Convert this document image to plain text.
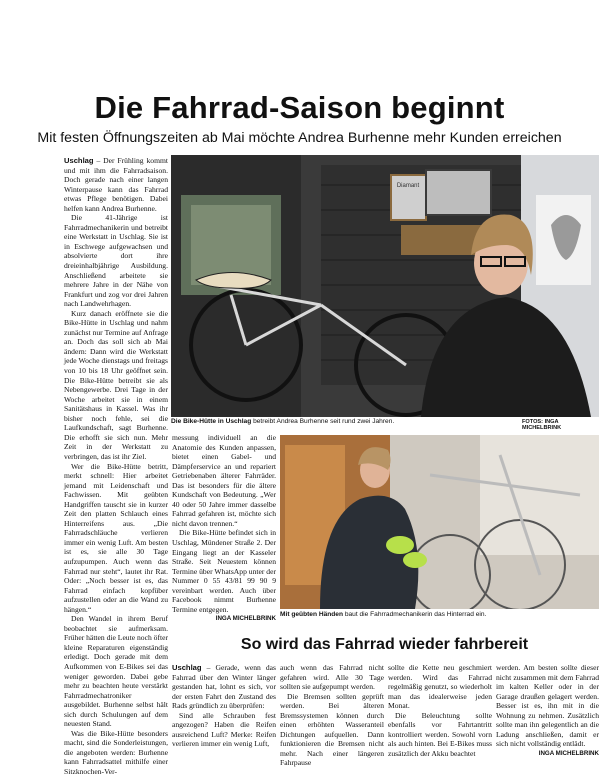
Die Fahrrad-Saison beginnt
Mit festen Öffnungszeiten ab Mai möchte Andrea Burhenne mehr Kunden erreichen

Uschlag – Der Frühling kommt und mit ihm die Fahrradsaison. Doch gerade nach einer langen Winterpause kann das Fahrrad etwas Pflege benötigen. Dabei helfen kann Andrea Burhenne.

Die 41-Jährige ist Fahrradmechanikerin und betreibt eine Werkstatt in Uschlag. Sie ist in Eschwege aufgewachsen und absolvierte dort ihre dreieinhalbjährige Ausbildung. Anschließend arbeitete sie mehrere Jahre in der Nähe von Frankfurt und zog vor drei Jahren nach Landwehrhagen.

Kurz danach eröffnete sie die Bike-Hütte in Uschlag und nahm zunächst nur Termine auf Anfrage an. Doch das soll sich ab Mai ändern: Dann wird die Werkstatt jede Woche dienstags und freitags von 10 bis 18 Uhr geöffnet sein. Die Bike-Hütte betreibt sie als Nebengewerbe. Drei Tage in der Woche arbeitet sie in einem Sanitätshaus in Kassel. Was ihr bisher noch fehle, sei die Laufkundschaft, sagt Burhenne. Die erhofft sie sich nun. Mehr Zeit in der Werkstatt zu verbringen, das ist ihr Ziel.

Wer die Bike-Hütte betritt, merkt schnell: Hier arbeitet jemand mit Leidenschaft und Fachwissen. Mit geübten Handgriffen tauscht sie in kurzer Zeit den platten Schlauch eines Hinterreifens aus. „Die Fahrradschläuche verlieren immer ein wenig Luft. Am besten ist es, sie alle 30 Tage aufzupumpen. Auch wenn das Fahrrad nur steht“, lautet ihr Rat. Oder: „Noch besser ist es, das Fahrrad einfach kopfüber aufzustellen oder an die Wand zu hängen.“

Den Wandel in ihrem Beruf beobachtet sie aufmerksam. Früher hätten die Leute noch öfter kleine Reparaturen eigenständig erledigt. Doch gerade mit dem Aufkommen von E-Bikes sei das weniger geworden. Dabei gebe mehr zu beachten heute verstärkt Fahrradmechatroniker ausgebildet. Burhenne selbst hält sich durch Schulungen auf dem neuesten Stand.

Was die Bike-Hütte besonders macht, sind die Sonderleistungen, die angeboten werden: Burhenne kann Fahrradsattel mithilfe einer Sitzknochen-Ver-

Diamant
Die Bike-Hütte in Uschlag betreibt Andrea Burhenne seit rund zwei Jahren.	FOTOS: INGA MICHELBRINK

messung individuell an die Anatomie des Kunden anpassen, bietet einen Gabel- und Dämpferservice an und repariert Getriebenaben älterer Fahrräder. Das ist besonders für die ältere Kundschaft von Bedeutung. „Wer 40 oder 50 Jahre immer dasselbe Fahrrad gefahren ist, möchte sich nicht davon trennen.“

Die Bike-Hütte befindet sich in Uschlag, Mündener Straße 2. Der Eingang liegt an der Kasseler Straße. Seit Neuestem können Termine über WhatsApp unter der Nummer 0 55 43/81 99 90 9 vereinbart werden. Auch über Facebook nimmt Burhenne Termine entgegen.

INGA MICHELBRINK
Mit geübten Händen baut die Fahrradmechanikerin das Hinterrad ein.
So wird das Fahrrad wieder fahrbereit

Uschlag – Gerade, wenn das Fahrrad über den Winter länger gestanden hat, lohnt es sich, vor der ersten Fahrt den Zustand des Rads gründlich zu überprüfen:

Sind alle Schrauben fest angezogen? Haben die Reifen ausreichend Luft? Merke: Reifen verlieren immer ein wenig Luft,

auch wenn das Fahrrad nicht gefahren wird. Alle 30 Tage sollten sie aufgepumpt werden.

Die Bremsen sollten geprüft werden. Bei älteren Bremssystemen können durch einen erhöhten Wasseranteil Dichtungen aufquellen. Dann funktionieren die Bremsen nicht mehr. Nach einer längeren Fahrpause

sollte die Kette neu geschmiert werden. Wird das Fahrrad regelmäßig genutzt, so wiederholt man das idealerweise jeden Monat.

Die Beleuchtung sollte ebenfalls vor Fahrtantritt kontrolliert werden. Sowohl vorn als auch hinten. Bei E-Bikes muss zusätzlich der Akku beachtet

werden. Am besten sollte dieser nicht zusammen mit dem Fahrrad im kalten Keller oder in der Garage draußen gelagert werden. Besser ist es, ihn mit in die Wohnung zu nehmen. Zusätzlich sollte man ihn gelegentlich an die Ladung anschließen, damit er sich nicht vollständig entlädt.

INGA MICHELBRINK
